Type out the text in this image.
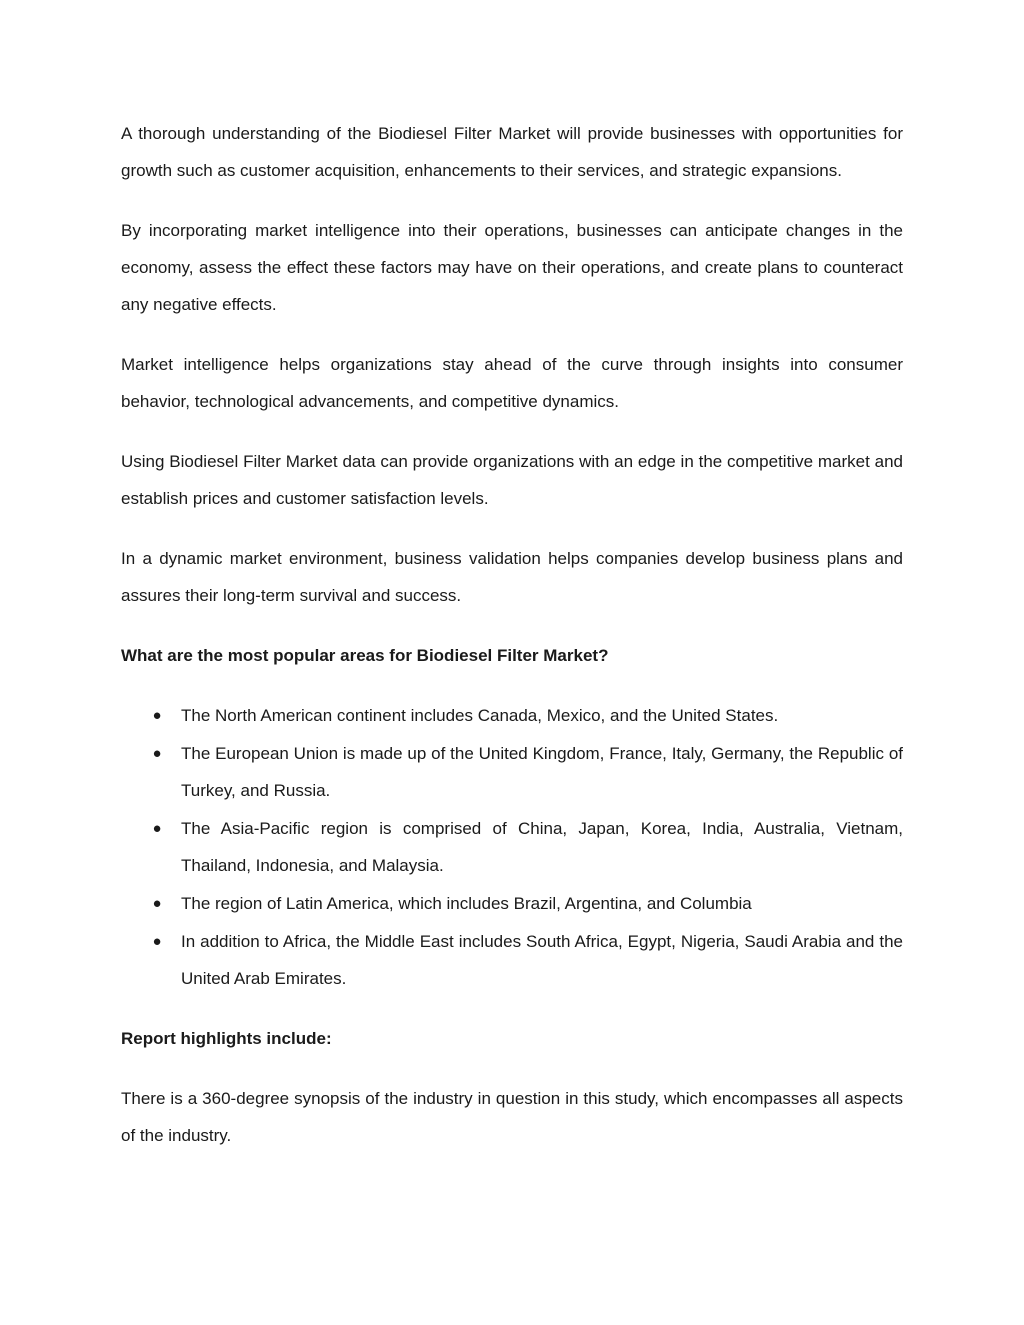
A thorough understanding of the Biodiesel Filter Market will provide businesses with opportunities for growth such as customer acquisition, enhancements to their services, and strategic expansions.

By incorporating market intelligence into their operations, businesses can anticipate changes in the economy, assess the effect these factors may have on their operations, and create plans to counteract any negative effects.

Market intelligence helps organizations stay ahead of the curve through insights into consumer behavior, technological advancements, and competitive dynamics.

Using Biodiesel Filter Market data can provide organizations with an edge in the competitive market and establish prices and customer satisfaction levels.

In a dynamic market environment, business validation helps companies develop business plans and assures their long-term survival and success.

What are the most popular areas for Biodiesel Filter Market?

● The North American continent includes Canada, Mexico, and the United States.
● The European Union is made up of the United Kingdom, France, Italy, Germany, the Republic of Turkey, and Russia.
● The Asia-Pacific region is comprised of China, Japan, Korea, India, Australia, Vietnam, Thailand, Indonesia, and Malaysia.
● The region of Latin America, which includes Brazil, Argentina, and Columbia
● In addition to Africa, the Middle East includes South Africa, Egypt, Nigeria, Saudi Arabia and the United Arab Emirates.

Report highlights include:

There is a 360-degree synopsis of the industry in question in this study, which encompasses all aspects of the industry.
